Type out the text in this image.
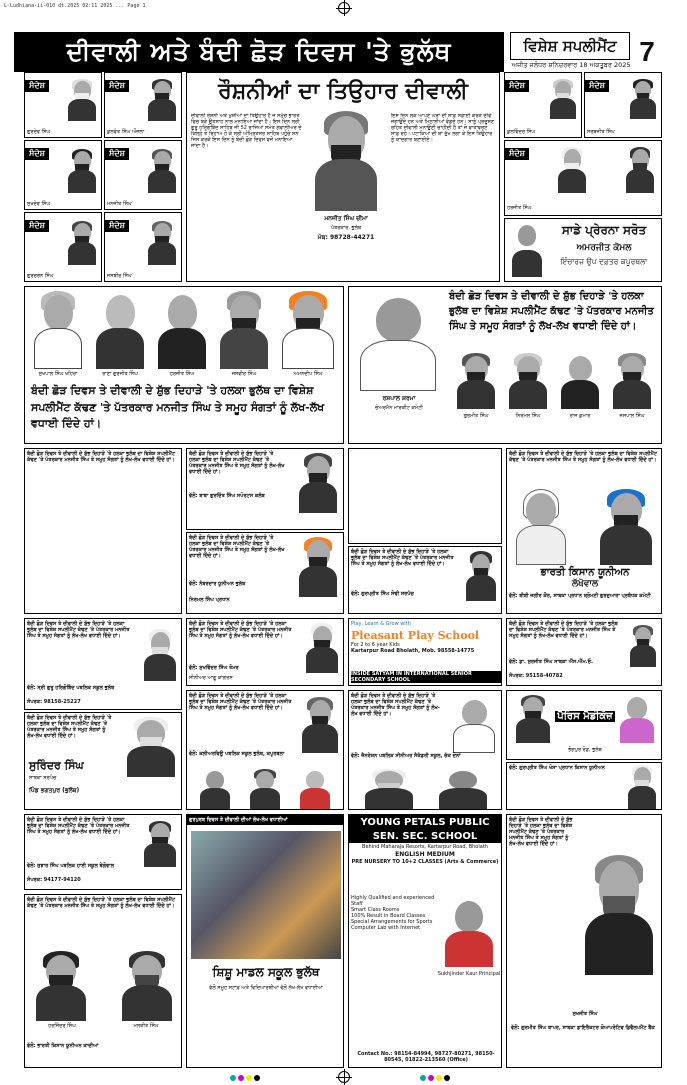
L-Ludhiana-ii-010 dt.2025 02:11 2025 ... Page 1
ਦੀਵਾਲੀ ਅਤੇ ਬੰਦੀ ਛੋੜ ਦਿਵਸ 'ਤੇ ਭੁਲੱਥ	ਵਿਸ਼ੇਸ਼ ਸਪਲੀਮੈਂਟ 7
ਅਜੀਤ ਜਲੰਧਰ ਸ਼ਨਿਚਰਵਾਰ 18 ਅਕਤੂਬਰ 2025
ਸੰਦੇਸ਼
ਗੁਰਦੇਵ ਸਿੰਘ
ਸੰਦੇਸ਼
ਕੁਲਵੰਤ ਸਿੰਘ ਔਜਲਾ
ਸੰਦੇਸ਼
ਸੁਖਦੇਵ ਸਿੰਘ
ਸੰਦੇਸ਼
ਮਨਜੀਤ ਸਿੰਘ
ਸੰਦੇਸ਼
ਗੁਰਚਰਨ ਸਿੰਘ
ਸੰਦੇਸ਼
ਜਸਬੀਰ ਸਿੰਘ
ਰੌਸ਼ਨੀਆਂ ਦਾ ਤਿਉਹਾਰ ਦੀਵਾਲੀ
ਦੀਵਾਲੀ ਰੌਸ਼ਨੀ ਅਤੇ ਖੁਸ਼ੀਆਂ ਦਾ ਤਿਉਹਾਰ ਹੈ ਜੋ ਸਮੁੱਚੇ ਭਾਰਤ ਵਿਚ ਬੜੇ ਉਤਸ਼ਾਹ ਨਾਲ ਮਨਾਇਆ ਜਾਂਦਾ ਹੈ। ਇਸ ਦਿਨ ਸ੍ਰੀ ਗੁਰੂ ਹਰਿਗੋਬਿੰਦ ਸਾਹਿਬ ਜੀ 52 ਰਾਜਿਆਂ ਸਮੇਤ ਗਵਾਲੀਅਰ ਦੇ ਕਿਲ੍ਹੇ ਤੋਂ ਰਿਹਾਅ ਹੋ ਕੇ ਸ੍ਰੀ ਅੰਮ੍ਰਿਤਸਰ ਸਾਹਿਬ ਪਹੁੰਚੇ ਸਨ ਜਿਸ ਕਰਕੇ ਇਸ ਦਿਨ ਨੂੰ ਬੰਦੀ ਛੋੜ ਦਿਵਸ ਵਜੋਂ ਮਨਾਇਆ ਜਾਂਦਾ ਹੈ।
ਮਨਜੀਤ ਸਿੰਘ ਚੀਮਾ
ਪੱਤਰਕਾਰ, ਭੁਲੱਥ
ਮੋਬ: 98728-44271
ਇਸ ਦਿਨ ਲੋਕ ਆਪਣੇ ਘਰਾਂ ਦੀ ਸਾਫ਼ ਸਫ਼ਾਈ ਕਰਕੇ ਦੀਵੇ ਜਗਾਉਂਦੇ ਹਨ ਅਤੇ ਮਿਠਾਈਆਂ ਵੰਡਦੇ ਹਨ। ਸਾਨੂੰ ਪ੍ਰਦੂਸ਼ਣ ਰਹਿਤ ਦੀਵਾਲੀ ਮਨਾਉਣੀ ਚਾਹੀਦੀ ਹੈ ਤਾਂ ਜੋ ਵਾਤਾਵਰਣ ਸਾਫ਼ ਰਹੇ। ਪਟਾਕਿਆਂ ਦੀ ਥਾਂ ਰੁੱਖ ਲਗਾ ਕੇ ਇਸ ਤਿਉਹਾਰ ਨੂੰ ਯਾਦਗਾਰ ਬਣਾਈਏ।
ਸੰਦੇਸ਼
ਕੁਲਵਿੰਦਰ ਸਿੰਘ
ਸੰਦੇਸ਼
ਸਰਬਜੀਤ ਸਿੰਘ
ਸੰਦੇਸ਼
ਹਰਜੀਤ ਸਿੰਘ
ਸਾਡੇ ਪ੍ਰੇਰਨਾ ਸਰੋਤ
ਅਮਰਜੀਤ ਕੋਮਲ
ਇੰਚਾਰਜ ਉਪ ਦਫ਼ਤਰ ਕਪੂਰਥਲਾ
ਸੁਖਪਾਲ ਸਿੰਘ ਖਹਿਰਾ	ਰਾਣਾ ਗੁਰਜੀਤ ਸਿੰਘ	ਹਰਜੀਤ ਸਿੰਘ	ਜਸਵੀਰ ਸਿੰਘ	ਅਮਨਦੀਪ ਸਿੰਘ
ਬੰਦੀ ਛੋੜ ਦਿਵਸ ਤੇ ਦੀਵਾਲੀ ਦੇ ਸ਼ੁੱਭ ਦਿਹਾੜੇ 'ਤੇ ਹਲਕਾ ਭੁਲੱਥ ਦਾ ਵਿਸ਼ੇਸ਼ ਸਪਲੀਮੈਂਟ ਕੱਢਣ 'ਤੇ ਪੱਤਰਕਾਰ ਮਨਜੀਤ ਸਿੰਘ ਤੇ ਸਮੂਹ ਸੰਗਤਾਂ ਨੂੰ ਲੱਖ-ਲੱਖ ਵਧਾਈ ਦਿੰਦੇ ਹਾਂ।
ਰਸ਼ਪਾਲ ਸ਼ਰਮਾ
ਚੇਅਰਮੈਨ ਮਾਰਕੀਟ ਕਮੇਟੀ
ਬੰਦੀ ਛੋੜ ਦਿਵਸ ਤੇ ਦੀਵਾਲੀ ਦੇ ਸ਼ੁੱਭ ਦਿਹਾੜੇ 'ਤੇ ਹਲਕਾ ਭੁਲੱਥ ਦਾ ਵਿਸ਼ੇਸ਼ ਸਪਲੀਮੈਂਟ ਕੱਢਣ 'ਤੇ ਪੱਤਰਕਾਰ ਮਨਜੀਤ ਸਿੰਘ ਤੇ ਸਮੂਹ ਸੰਗਤਾਂ ਨੂੰ ਲੱਖ-ਲੱਖ ਵਧਾਈ ਦਿੰਦੇ ਹਾਂ।
ਗੁਰਮੀਤ ਸਿੰਘ	ਨਿਰਮਲ ਸਿੰਘ	ਰਾਜ ਕੁਮਾਰ	ਜਸਪਾਲ ਸਿੰਘ
ਬੰਦੀ ਛੋੜ ਦਿਵਸ ਤੇ ਦੀਵਾਲੀ ਦੇ ਸ਼ੁੱਭ ਦਿਹਾੜੇ 'ਤੇ ਹਲਕਾ ਭੁਲੱਥ ਦਾ ਵਿਸ਼ੇਸ਼ ਸਪਲੀਮੈਂਟ ਕੱਢਣ 'ਤੇ ਪੱਤਰਕਾਰ ਮਨਜੀਤ ਸਿੰਘ ਤੇ ਸਮੂਹ ਸੰਗਤਾਂ ਨੂੰ ਲੱਖ-ਲੱਖ ਵਧਾਈ ਦਿੰਦੇ ਹਾਂ।
ਬੰਦੀ ਛੋੜ ਦਿਵਸ ਤੇ ਦੀਵਾਲੀ ਦੇ ਸ਼ੁੱਭ ਦਿਹਾੜੇ 'ਤੇ ਹਲਕਾ ਭੁਲੱਥ ਦਾ ਵਿਸ਼ੇਸ਼ ਸਪਲੀਮੈਂਟ ਕੱਢਣ 'ਤੇ ਪੱਤਰਕਾਰ ਮਨਜੀਤ ਸਿੰਘ ਤੇ ਸਮੂਹ ਸੰਗਤਾਂ ਨੂੰ ਲੱਖ-ਲੱਖ ਵਧਾਈ ਦਿੰਦੇ ਹਾਂ।
ਵੱਲੋਂ: ਬਾਬਾ ਗੁਰਦਿੱਤ ਸਿੰਘ ਸਪੋਰਟਸ ਕਲੱਬ
ਬੰਦੀ ਛੋੜ ਦਿਵਸ ਤੇ ਦੀਵਾਲੀ ਦੇ ਸ਼ੁੱਭ ਦਿਹਾੜੇ 'ਤੇ ਹਲਕਾ ਭੁਲੱਥ ਦਾ ਵਿਸ਼ੇਸ਼ ਸਪਲੀਮੈਂਟ ਕੱਢਣ 'ਤੇ ਪੱਤਰਕਾਰ ਮਨਜੀਤ ਸਿੰਘ ਤੇ ਸਮੂਹ ਸੰਗਤਾਂ ਨੂੰ ਲੱਖ-ਲੱਖ ਵਧਾਈ ਦਿੰਦੇ ਹਾਂ।
ਵੱਲੋਂ: ਨੰਬਰਦਾਰ ਯੂਨੀਅਨ ਭੁਲੱਥ
ਨਿਰਮਲ ਸਿੰਘ ਪ੍ਰਧਾਨ
ਬੰਦੀ ਛੋੜ ਦਿਵਸ ਤੇ ਦੀਵਾਲੀ ਦੇ ਸ਼ੁੱਭ ਦਿਹਾੜੇ 'ਤੇ ਹਲਕਾ ਭੁਲੱਥ ਦਾ ਵਿਸ਼ੇਸ਼ ਸਪਲੀਮੈਂਟ ਕੱਢਣ 'ਤੇ ਪੱਤਰਕਾਰ ਮਨਜੀਤ ਸਿੰਘ ਤੇ ਸਮੂਹ ਸੰਗਤਾਂ ਨੂੰ ਲੱਖ-ਲੱਖ ਵਧਾਈ ਦਿੰਦੇ ਹਾਂ।
ਵੱਲੋਂ: ਗੁਰਪ੍ਰੀਤ ਸਿੰਘ ਸੋਢੀ ਸਰਪੰਚ
ਬੰਦੀ ਛੋੜ ਦਿਵਸ ਤੇ ਦੀਵਾਲੀ ਦੇ ਸ਼ੁੱਭ ਦਿਹਾੜੇ 'ਤੇ ਹਲਕਾ ਭੁਲੱਥ ਦਾ ਵਿਸ਼ੇਸ਼ ਸਪਲੀਮੈਂਟ ਕੱਢਣ 'ਤੇ ਪੱਤਰਕਾਰ ਮਨਜੀਤ ਸਿੰਘ ਤੇ ਸਮੂਹ ਸੰਗਤਾਂ ਨੂੰ ਲੱਖ-ਲੱਖ ਵਧਾਈ ਦਿੰਦੇ ਹਾਂ।
ਭਾਰਤੀ ਕਿਸਾਨ ਯੂਨੀਅਨ
ਲੱਖੋਵਾਲ
ਵੱਲੋਂ: ਬੀਬੀ ਜਗੀਰ ਕੌਰ, ਸਾਬਕਾ ਪ੍ਰਧਾਨ ਸ਼੍ਰੋਮਣੀ ਗੁਰਦੁਆਰਾ ਪ੍ਰਬੰਧਕ ਕਮੇਟੀ
ਬੰਦੀ ਛੋੜ ਦਿਵਸ ਤੇ ਦੀਵਾਲੀ ਦੇ ਸ਼ੁੱਭ ਦਿਹਾੜੇ 'ਤੇ ਹਲਕਾ ਭੁਲੱਥ ਦਾ ਵਿਸ਼ੇਸ਼ ਸਪਲੀਮੈਂਟ ਕੱਢਣ 'ਤੇ ਪੱਤਰਕਾਰ ਮਨਜੀਤ ਸਿੰਘ ਤੇ ਸਮੂਹ ਸੰਗਤਾਂ ਨੂੰ ਲੱਖ-ਲੱਖ ਵਧਾਈ ਦਿੰਦੇ ਹਾਂ।
ਵੱਲੋਂ: ਸ੍ਰੀ ਗੁਰੂ ਹਰਿਗੋਬਿੰਦ ਪਬਲਿਕ ਸਕੂਲ ਭੁਲੱਥ
ਸੰਪਰਕ: 98158-25227
ਬੰਦੀ ਛੋੜ ਦਿਵਸ ਤੇ ਦੀਵਾਲੀ ਦੇ ਸ਼ੁੱਭ ਦਿਹਾੜੇ 'ਤੇ ਹਲਕਾ ਭੁਲੱਥ ਦਾ ਵਿਸ਼ੇਸ਼ ਸਪਲੀਮੈਂਟ ਕੱਢਣ 'ਤੇ ਪੱਤਰਕਾਰ ਮਨਜੀਤ ਸਿੰਘ ਤੇ ਸਮੂਹ ਸੰਗਤਾਂ ਨੂੰ ਲੱਖ-ਲੱਖ ਵਧਾਈ ਦਿੰਦੇ ਹਾਂ।
ਵੱਲੋਂ: ਸੁਖਵਿੰਦਰ ਸਿੰਘ ਤੋਮਰ
ਸੀਨੀਅਰ ਆਗੂ ਕਾਂਗਰਸ
Play, Learn & Grow with
Pleasant Play School
For 2 to 6 year Kids
Kartarpur Road Bholath, Mob. 98558-14775
INSIDE SATYAM IN INTERNATIONAL SENIOR SECONDARY SCHOOL
ਬੰਦੀ ਛੋੜ ਦਿਵਸ ਤੇ ਦੀਵਾਲੀ ਦੇ ਸ਼ੁੱਭ ਦਿਹਾੜੇ 'ਤੇ ਹਲਕਾ ਭੁਲੱਥ ਦਾ ਵਿਸ਼ੇਸ਼ ਸਪਲੀਮੈਂਟ ਕੱਢਣ 'ਤੇ ਪੱਤਰਕਾਰ ਮਨਜੀਤ ਸਿੰਘ ਤੇ ਸਮੂਹ ਸੰਗਤਾਂ ਨੂੰ ਲੱਖ-ਲੱਖ ਵਧਾਈ ਦਿੰਦੇ ਹਾਂ।
ਵੱਲੋਂ: ਡਾ. ਸੁਰਜੀਤ ਸਿੰਘ ਸਾਬਕਾ ਐੱਸ.ਐੱਮ.ਓ.
ਸੰਪਰਕ: 95158-40782
ਬੰਦੀ ਛੋੜ ਦਿਵਸ ਤੇ ਦੀਵਾਲੀ ਦੇ ਸ਼ੁੱਭ ਦਿਹਾੜੇ 'ਤੇ ਹਲਕਾ ਭੁਲੱਥ ਦਾ ਵਿਸ਼ੇਸ਼ ਸਪਲੀਮੈਂਟ ਕੱਢਣ 'ਤੇ ਪੱਤਰਕਾਰ ਮਨਜੀਤ ਸਿੰਘ ਤੇ ਸਮੂਹ ਸੰਗਤਾਂ ਨੂੰ ਲੱਖ-ਲੱਖ ਵਧਾਈ ਦਿੰਦੇ ਹਾਂ।
ਸੁਰਿੰਦਰ ਸਿੰਘ
ਸਾਬਕਾ ਸਰਪੰਚ
ਪਿੰਡ ਭਗਤਪੁਰ (ਭੁਲੱਥ)
ਬੰਦੀ ਛੋੜ ਦਿਵਸ ਤੇ ਦੀਵਾਲੀ ਦੇ ਸ਼ੁੱਭ ਦਿਹਾੜੇ 'ਤੇ ਹਲਕਾ ਭੁਲੱਥ ਦਾ ਵਿਸ਼ੇਸ਼ ਸਪਲੀਮੈਂਟ ਕੱਢਣ 'ਤੇ ਪੱਤਰਕਾਰ ਮਨਜੀਤ ਸਿੰਘ ਤੇ ਸਮੂਹ ਸੰਗਤਾਂ ਨੂੰ ਲੱਖ-ਲੱਖ ਵਧਾਈ ਦਿੰਦੇ ਹਾਂ।
ਵੱਲੋਂ: ਕਲੀਅਰਵਿਊ ਪਬਲਿਕ ਸਕੂਲ ਭੁਲੱਥ, ਕਪੂਰਥਲਾ
ਬੰਦੀ ਛੋੜ ਦਿਵਸ ਤੇ ਦੀਵਾਲੀ ਦੇ ਸ਼ੁੱਭ ਦਿਹਾੜੇ 'ਤੇ ਹਲਕਾ ਭੁਲੱਥ ਦਾ ਵਿਸ਼ੇਸ਼ ਸਪਲੀਮੈਂਟ ਕੱਢਣ 'ਤੇ ਪੱਤਰਕਾਰ ਮਨਜੀਤ ਸਿੰਘ ਤੇ ਸਮੂਹ ਸੰਗਤਾਂ ਨੂੰ ਲੱਖ-ਲੱਖ ਵਧਾਈ ਦਿੰਦੇ ਹਾਂ।
ਵੱਲੋਂ: ਜੈਨਰੇਸ਼ਨ ਪਬਲਿਕ ਸੀਨੀਅਰ ਸੈਕੰਡਰੀ ਸਕੂਲ, ਚੱਕ ਦੋਨਾਂ
ਪੈਰਿਸ ਮੈਡੀਕੋਜ਼
ਭੋਗਪੁਰ ਰੋਡ, ਭੁਲੱਥ
ਵੱਲੋਂ: ਗੁਰਪ੍ਰੀਤ ਸਿੰਘ ਖੋਸਾ ਪ੍ਰਧਾਨ ਕਿਸਾਨ ਯੂਨੀਅਨ
ਬੰਦੀ ਛੋੜ ਦਿਵਸ ਤੇ ਦੀਵਾਲੀ ਦੇ ਸ਼ੁੱਭ ਦਿਹਾੜੇ 'ਤੇ ਹਲਕਾ ਭੁਲੱਥ ਦਾ ਵਿਸ਼ੇਸ਼ ਸਪਲੀਮੈਂਟ ਕੱਢਣ 'ਤੇ ਪੱਤਰਕਾਰ ਮਨਜੀਤ ਸਿੰਘ ਤੇ ਸਮੂਹ ਸੰਗਤਾਂ ਨੂੰ ਲੱਖ-ਲੱਖ ਵਧਾਈ ਦਿੰਦੇ ਹਾਂ।
ਵੱਲੋਂ: ਜੁਝਾਰ ਸਿੰਘ ਪਬਲਿਕ ਹਾਈ ਸਕੂਲ ਬੇਗੋਵਾਲ
ਸੰਪਰਕ: 94177-94120
ਗੁਰਪੁਰਬ ਦਿਵਸ ਤੇ ਦੀਵਾਲੀ ਦੀਆਂ ਲੱਖ-ਲੱਖ ਵਧਾਈਆਂ
ਸ਼ਿਸ਼ੂ ਮਾਡਲ ਸਕੂਲ ਭੁਲੱਥ
ਵੱਲੋਂ ਸਮੂਹ ਸਟਾਫ਼ ਅਤੇ ਵਿਦਿਆਰਥੀਆਂ ਵੱਲੋਂ ਲੱਖ-ਲੱਖ ਵਧਾਈਆਂ
YOUNG PETALS PUBLIC
SEN. SEC. SCHOOL
Behind Maharaja Resorts, Kartarpur Road, Bholath
ENGLISH MEDIUM
PRE NURSERY TO 10+2 CLASSES (Arts & Commerce)
Highly Qualified and experienced Staff
Smart Class Rooms
100% Result in Board Classes
Special Arrangements for Sports
Computer Lab with Internet
Sukhjinder Kaur Principal
Contact No.: 98154-84994, 98727-80271, 98150-80545, 01822-213560 (Office)
ਬੰਦੀ ਛੋੜ ਦਿਵਸ ਤੇ ਦੀਵਾਲੀ ਦੇ ਸ਼ੁੱਭ ਦਿਹਾੜੇ 'ਤੇ ਹਲਕਾ ਭੁਲੱਥ ਦਾ ਵਿਸ਼ੇਸ਼ ਸਪਲੀਮੈਂਟ ਕੱਢਣ 'ਤੇ ਪੱਤਰਕਾਰ ਮਨਜੀਤ ਸਿੰਘ ਤੇ ਸਮੂਹ ਸੰਗਤਾਂ ਨੂੰ ਲੱਖ-ਲੱਖ ਵਧਾਈ ਦਿੰਦੇ ਹਾਂ।
ਸੁਖਜੀਤ ਸਿੰਘ
ਵੱਲੋਂ: ਗੁਰਮੀਤ ਸਿੰਘ ਥਾਪਰ, ਸਾਬਕਾ ਡਾਇਰੈਕਟਰ ਕੋਆਪਰੇਟਿਵ ਡਿਵੈਲਪਮੈਂਟ ਬੈਂਕ
ਬੰਦੀ ਛੋੜ ਦਿਵਸ ਤੇ ਦੀਵਾਲੀ ਦੇ ਸ਼ੁੱਭ ਦਿਹਾੜੇ 'ਤੇ ਹਲਕਾ ਭੁਲੱਥ ਦਾ ਵਿਸ਼ੇਸ਼ ਸਪਲੀਮੈਂਟ ਕੱਢਣ 'ਤੇ ਪੱਤਰਕਾਰ ਮਨਜੀਤ ਸਿੰਘ ਤੇ ਸਮੂਹ ਸੰਗਤਾਂ ਨੂੰ ਲੱਖ-ਲੱਖ ਵਧਾਈ ਦਿੰਦੇ ਹਾਂ।
ਹਰਜਿੰਦਰ ਸਿੰਘ	ਮਲਕੀਤ ਸਿੰਘ
ਵੱਲੋਂ: ਭਾਰਤੀ ਕਿਸਾਨ ਯੂਨੀਅਨ ਕਾਦੀਆਂ
